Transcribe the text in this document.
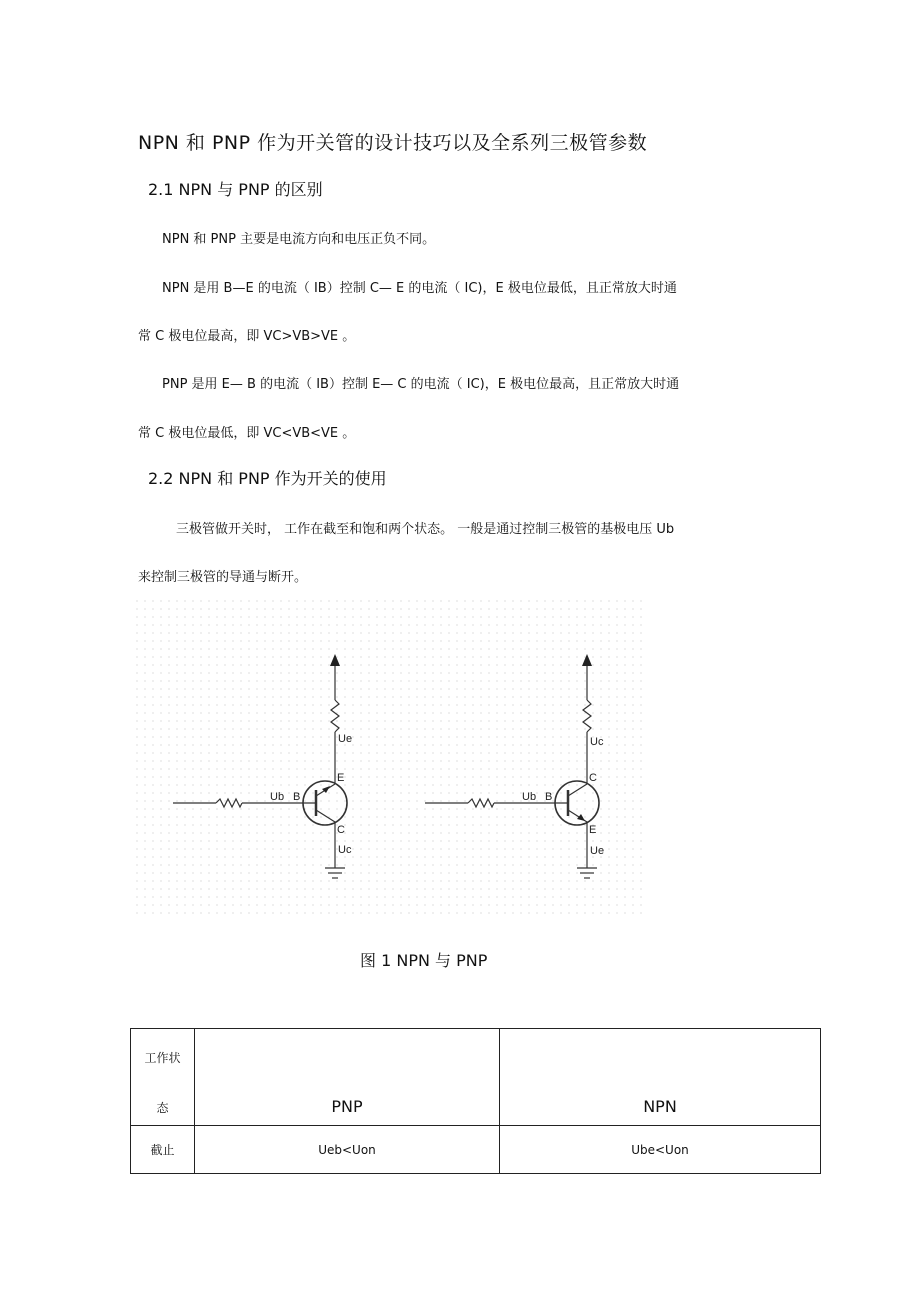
NPN 和 PNP 作为开关管的设计技巧以及全系列三极管参数
2.1 NPN 与 PNP 的区别
NPN 和 PNP 主要是电流方向和电压正负不同。
NPN 是用 B—E 的电流（ IB）控制 C— E 的电流（ IC)，E 极电位最低，且正常放大时通
常 C 极电位最高，即 VC>VB>VE 。
PNP 是用 E— B 的电流（ IB）控制 E— C 的电流（ IC)，E 极电位最高，且正常放大时通
常 C 极电位最低，即 VC<VB<VE 。
2.2 NPN 和 PNP 作为开关的使用
三极管做开关时， 工作在截至和饱和两个状态。 一般是通过控制三极管的基极电压 Ub
来控制三极管的导通与断开。
Ue
E
Ub B
C
Uc
Uc
C
Ub B
E
Ue
图 1 NPN 与 PNP
工作状
态	PNP	NPN

截止	Ueb<Uon	Ube<Uon
